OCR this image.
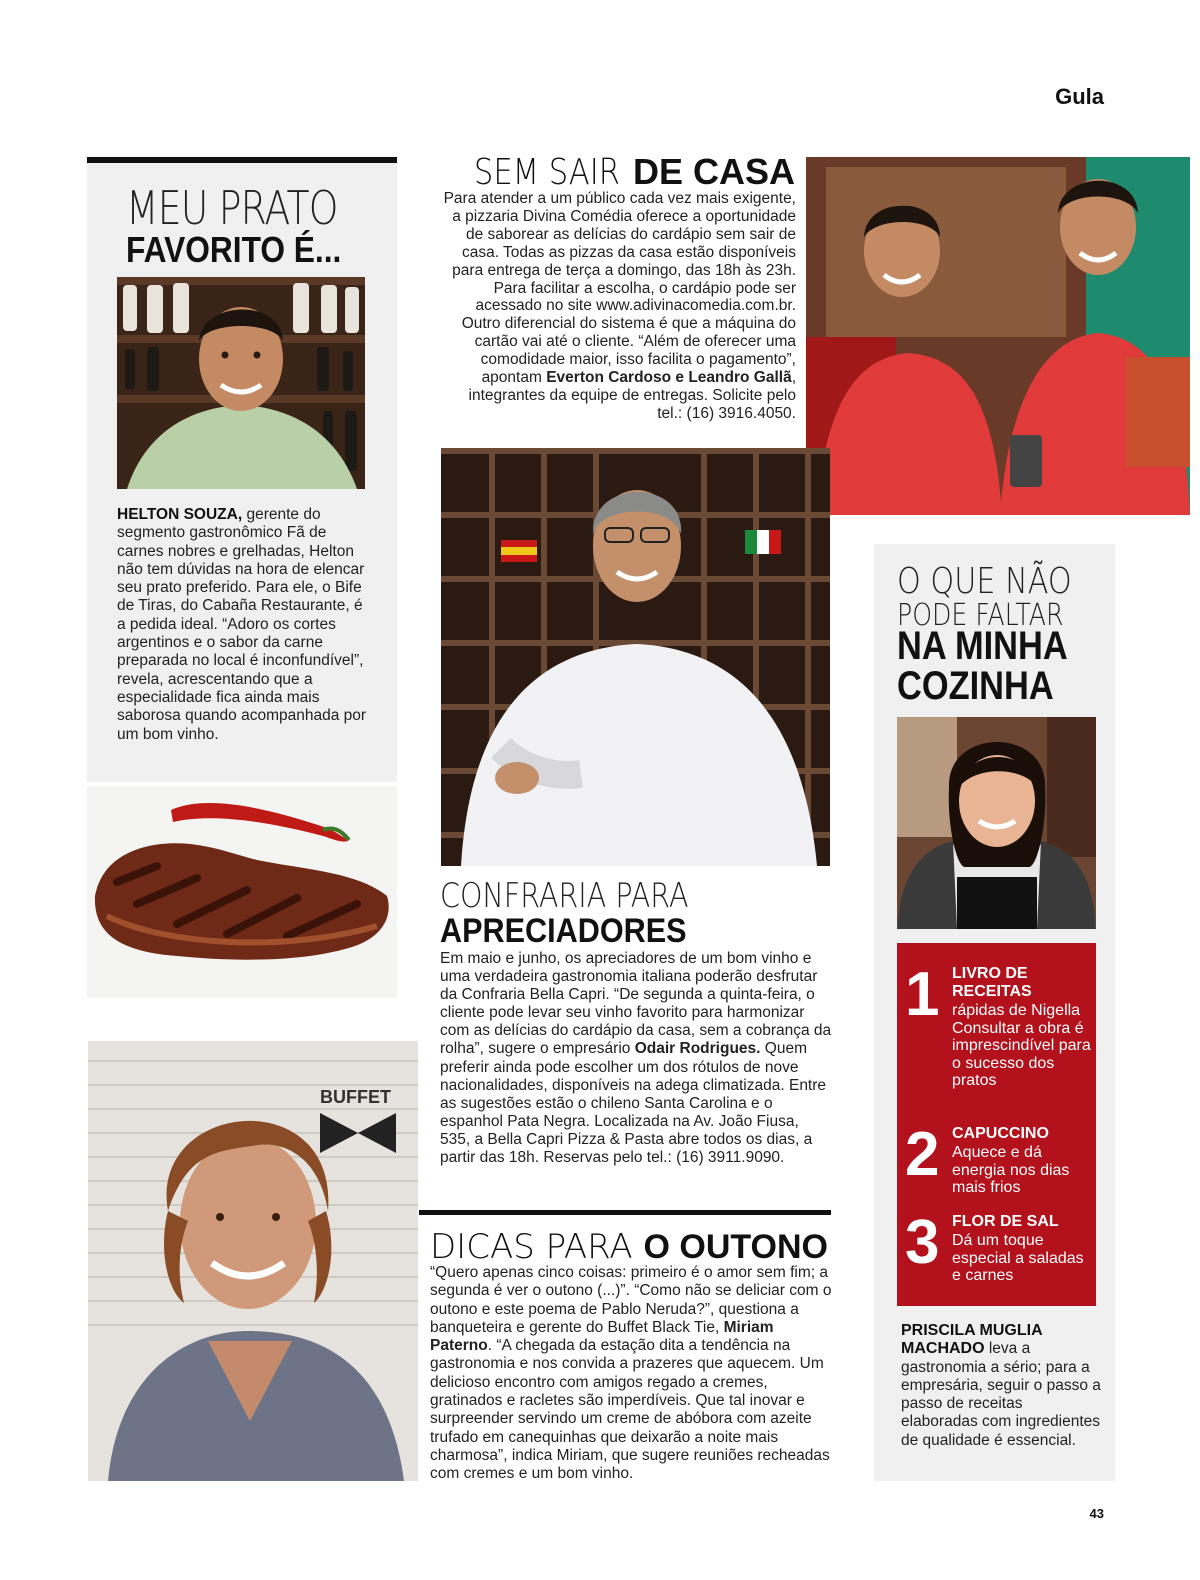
Gula
MEU PRATO
FAVORITO É...
HELTON SOUZA, gerente do segmento gastronômico Fã de carnes nobres e grelhadas, Helton não tem dúvidas na hora de elencar seu prato preferido. Para ele, o Bife de Tiras, do Cabaña Restaurante, é a pedida ideal. “Adoro os cortes argentinos e o sabor da carne preparada no local é inconfundível”, revela, acrescentando que a especialidade fica ainda mais saborosa quando acompanhada por um bom vinho.
BUFFET
SEM SAIRDE CASA
Para atender a um público cada vez mais exigente, a pizzaria Divina Comédia oferece a oportunidade de saborear as delícias do cardápio sem sair de casa. Todas as pizzas da casa estão disponíveis para entrega de terça a domingo, das 18h às 23h. Para facilitar a escolha, o cardápio pode ser acessado no site www.adivinacomedia.com.br. Outro diferencial do sistema é que a máquina do cartão vai até o cliente. “Além de oferecer uma comodidade maior, isso facilita o pagamento”, apontam Everton Cardoso e Leandro Gallã, integrantes da equipe de entregas. Solicite pelo tel.: (16) 3916.4050.
CONFRARIA PARA
APRECIADORES
Em maio e junho, os apreciadores de um bom vinho e uma verdadeira gastronomia italiana poderão desfrutar da Confraria Bella Capri. “De segunda a quinta-feira, o cliente pode levar seu vinho favorito para harmonizar com as delícias do cardápio da casa, sem a cobrança da rolha”, sugere o empresário Odair Rodrigues. Quem preferir ainda pode escolher um dos rótulos de nove nacionalidades, disponíveis na adega climatizada. Entre as sugestões estão o chileno Santa Carolina e o espanhol Pata Negra. Localizada na Av. João Fiusa, 535, a Bella Capri Pizza & Pasta abre todos os dias, a partir das 18h. Reservas pelo tel.: (16) 3911.9090.
DICAS PARA O OUTONO
“Quero apenas cinco coisas: primeiro é o amor sem fim; a segunda é ver o outono (...)”. “Como não se deliciar com o outono e este poema de Pablo Neruda?”, questiona a banqueteira e gerente do Buffet Black Tie, Miriam Paterno. “A chegada da estação dita a tendência na gastronomia e nos convida a prazeres que aquecem. Um delicioso encontro com amigos regado a cremes, gratinados e racletes são imperdíveis. Que tal inovar e surpreender servindo um creme de abóbora com azeite trufado em canequinhas que deixarão a noite mais charmosa”, indica Miriam, que sugere reuniões recheadas com cremes e um bom vinho.
O QUE NÃO
PODE FALTAR
NA MINHA COZINHA
1 LIVRO DE RECEITAS
rápidas de Nigella Consultar a obra é imprescindível para o sucesso dos pratos
2 CAPUCCINO
Aquece e dá energia nos dias mais frios
3 FLOR DE SAL
Dá um toque especial a saladas e carnes
PRISCILA MUGLIA MACHADO leva a gastronomia a sério; para a empresária, seguir o passo a passo de receitas elaboradas com ingredientes de qualidade é essencial.
43
